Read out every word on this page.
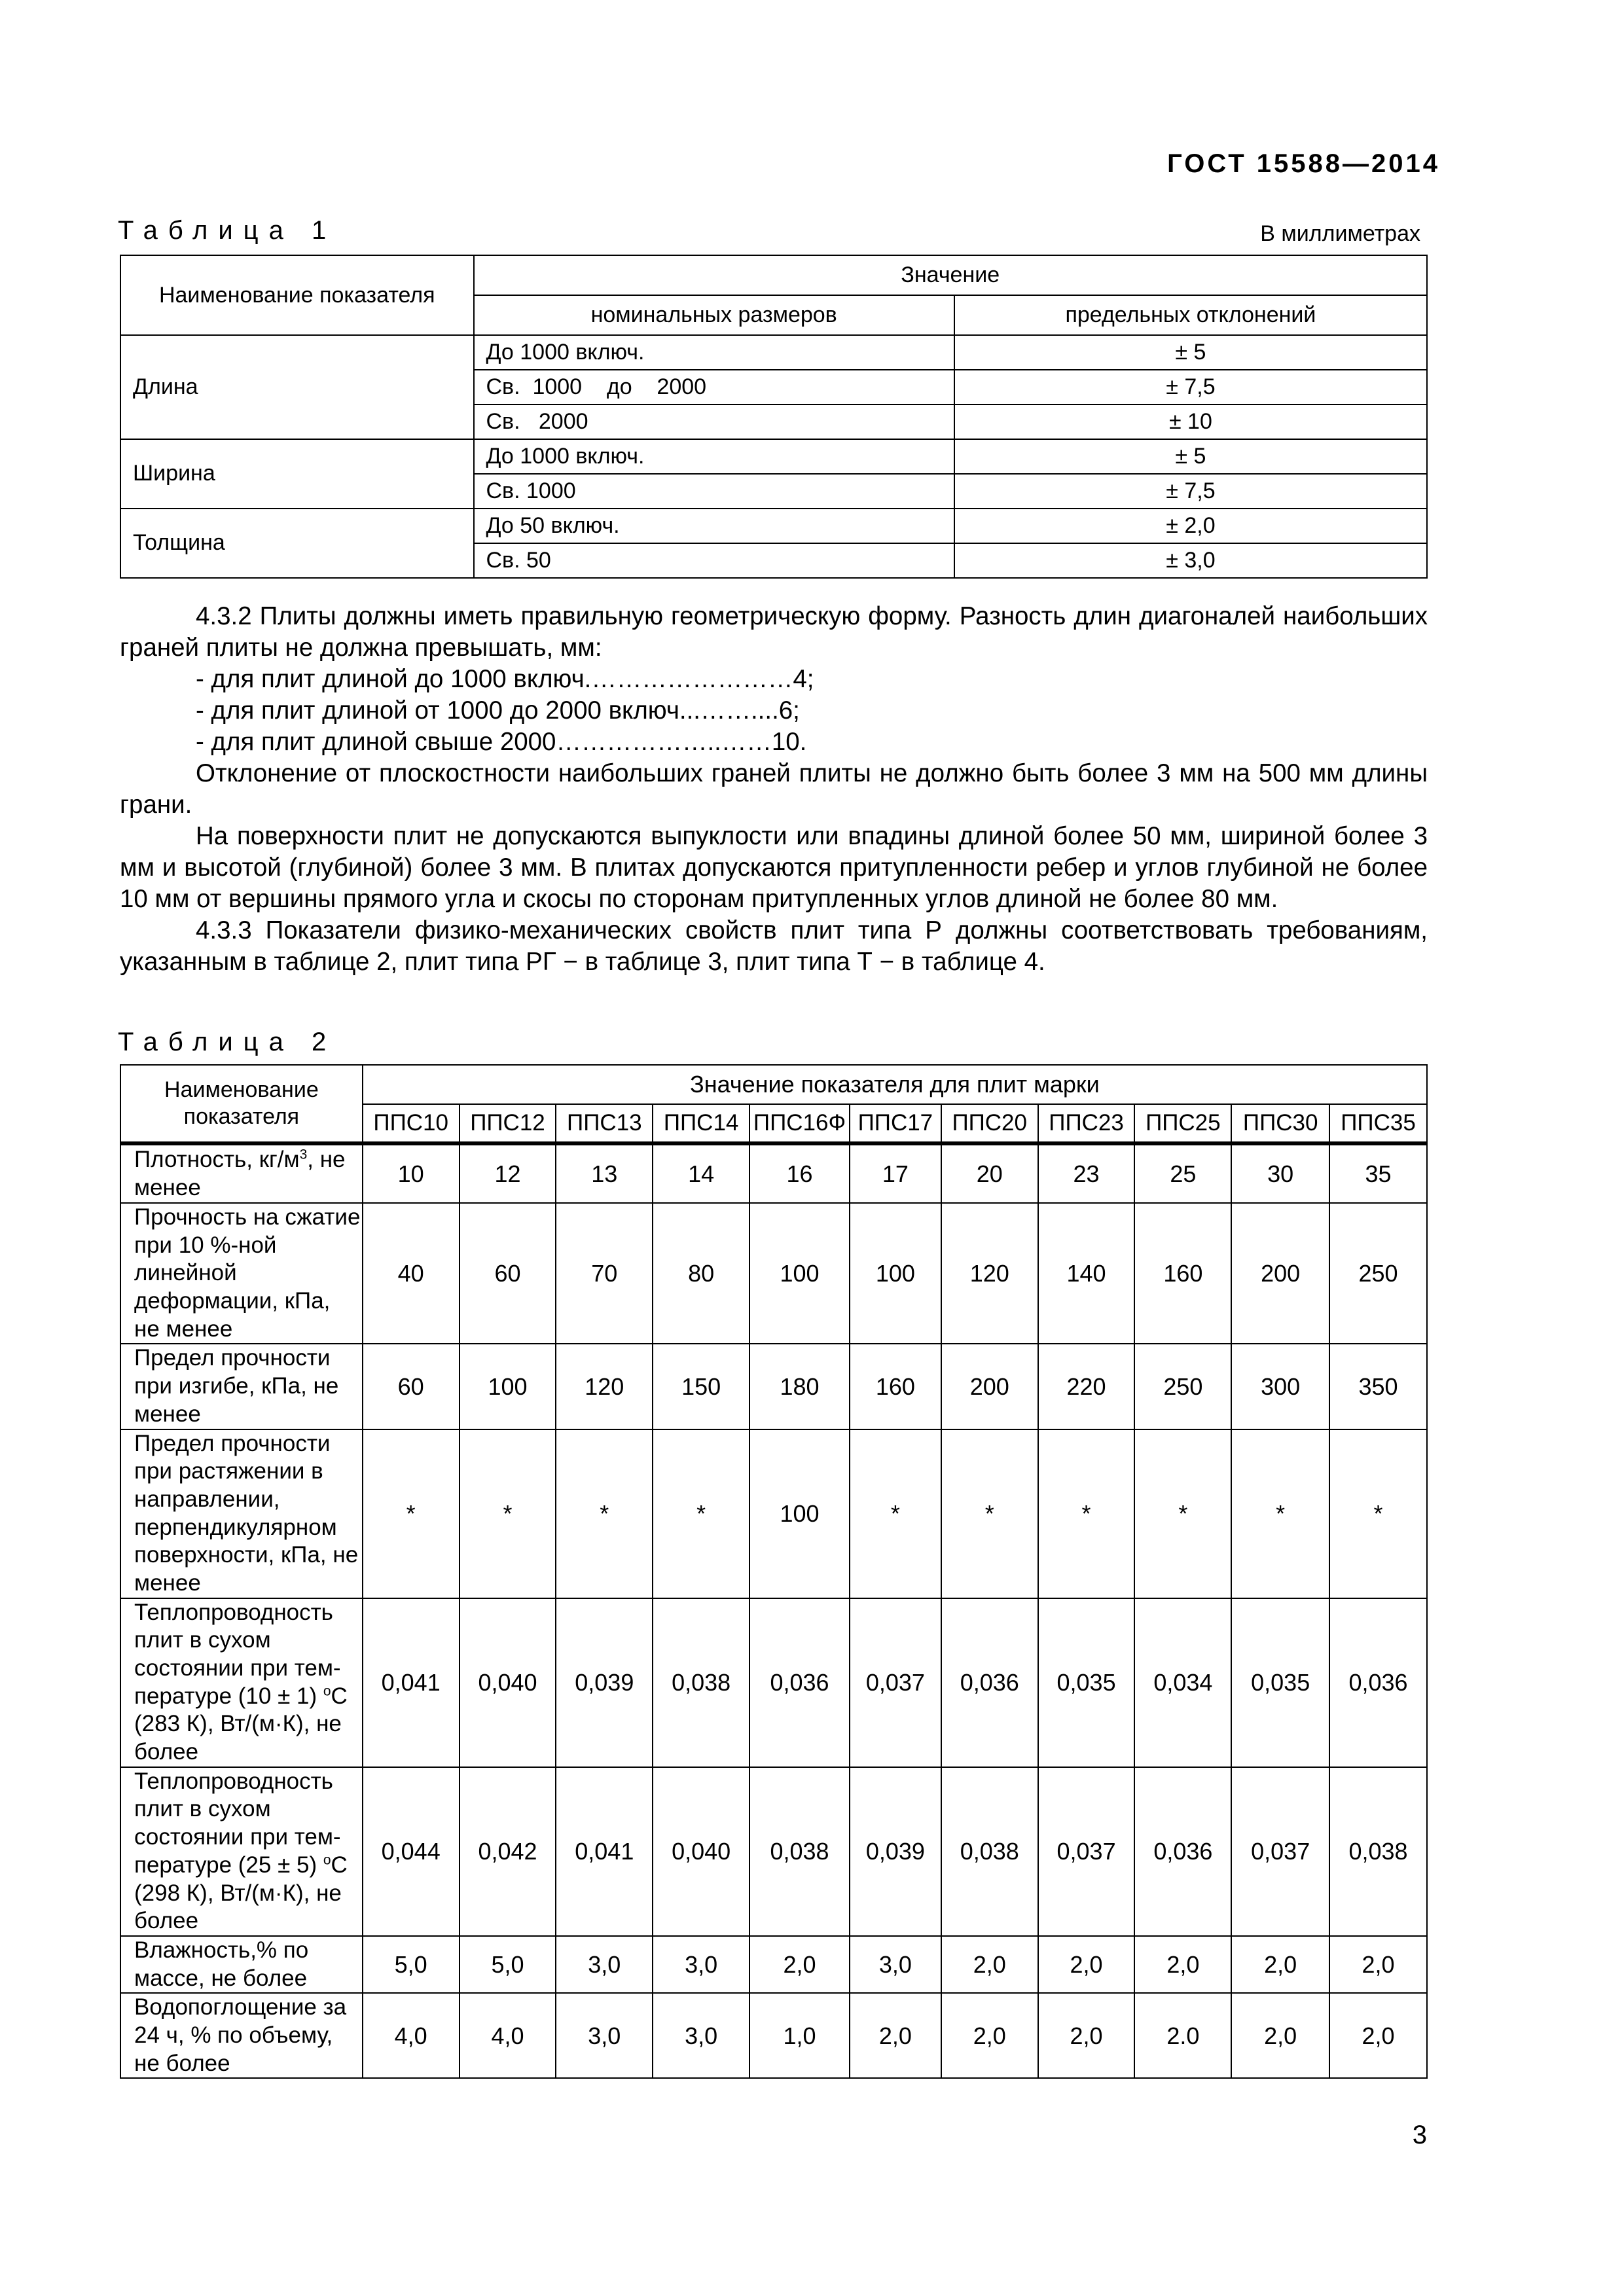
ГОСТ 15588—2014
Таблица 1	В миллиметрах
Наименование показателя	Значение	
	номинальных размеров	предельных отклонений
Длина	До 1000 включ.	± 5
	Св.  1000    до    2000	± 7,5
	Св.   2000	± 10
Ширина	До 1000 включ.	± 5
	Св. 1000	± 7,5
Толщина	До 50 включ.	± 2,0
	Св. 50	± 3,0

4.3.2 Плиты должны иметь правильную геометрическую форму. Разность длин диагоналей наибольших граней плиты не должна превышать, мм:

- для плит длиной до 1000 включ.……………………4;

- для плит длиной от 1000 до 2000 включ...……....6;

- для плит длиной свыше 2000………………..……10.

Отклонение от плоскостности наибольших граней плиты не должно быть более 3 мм на 500 мм длины грани.

На поверхности плит не допускаются выпуклости или впадины длиной более 50 мм, шириной более 3 мм и высотой (глубиной) более 3 мм. В плитах допускаются притупленности ребер и углов глубиной не более 10 мм от вершины прямого угла и скосы по сторонам притупленных углов длиной не более 80 мм.

4.3.3 Показатели физико-механических свойств плит типа Р должны соответствовать требованиям, указанным в таблице 2, плит типа РГ − в таблице 3, плит типа Т − в таблице 4.

Таблица 2
Наименование показателя	Значение показателя для плит марки										
	ППС10	ППС12	ППС13	ППС14	ППС16Ф	ППС17	ППС20	ППС23	ППС25	ППС30	ППС35
Плотность, $кг/м^3$, не менее	10	12	13	14	16	17	20	23	25	30	35
Прочность на сжатие при 10 %-ной линейной деформации, кПа, не менее	40	60	70	80	100	100	120	140	160	200	250
Предел прочности при изгибе, кПа, не менее	60	100	120	150	180	160	200	220	250	300	350
Предел прочности при растяжении в направлении, перпендикулярном поверхности, кПа, не менее	*	*	*	*	100	*	*	*	*	*	*
Теплопроводность плит в сухом состоянии при тем-пературе (10 ± 1) $^о$С (283 К), Вт/(м·К), не более	0,041	0,040	0,039	0,038	0,036	0,037	0,036	0,035	0,034	0,035	0,036
Теплопроводность плит в сухом состоянии при тем-пературе (25 ± 5) $^о$С (298 К), Вт/(м·К), не более	0,044	0,042	0,041	0,040	0,038	0,039	0,038	0,037	0,036	0,037	0,038
Влажность,% по массе, не более	5,0	5,0	3,0	3,0	2,0	3,0	2,0	2,0	2,0	2,0	2,0
Водопоглощение за 24 ч, % по объему, не более	4,0	4,0	3,0	3,0	1,0	2,0	2,0	2,0	2.0	2,0	2,0
3
